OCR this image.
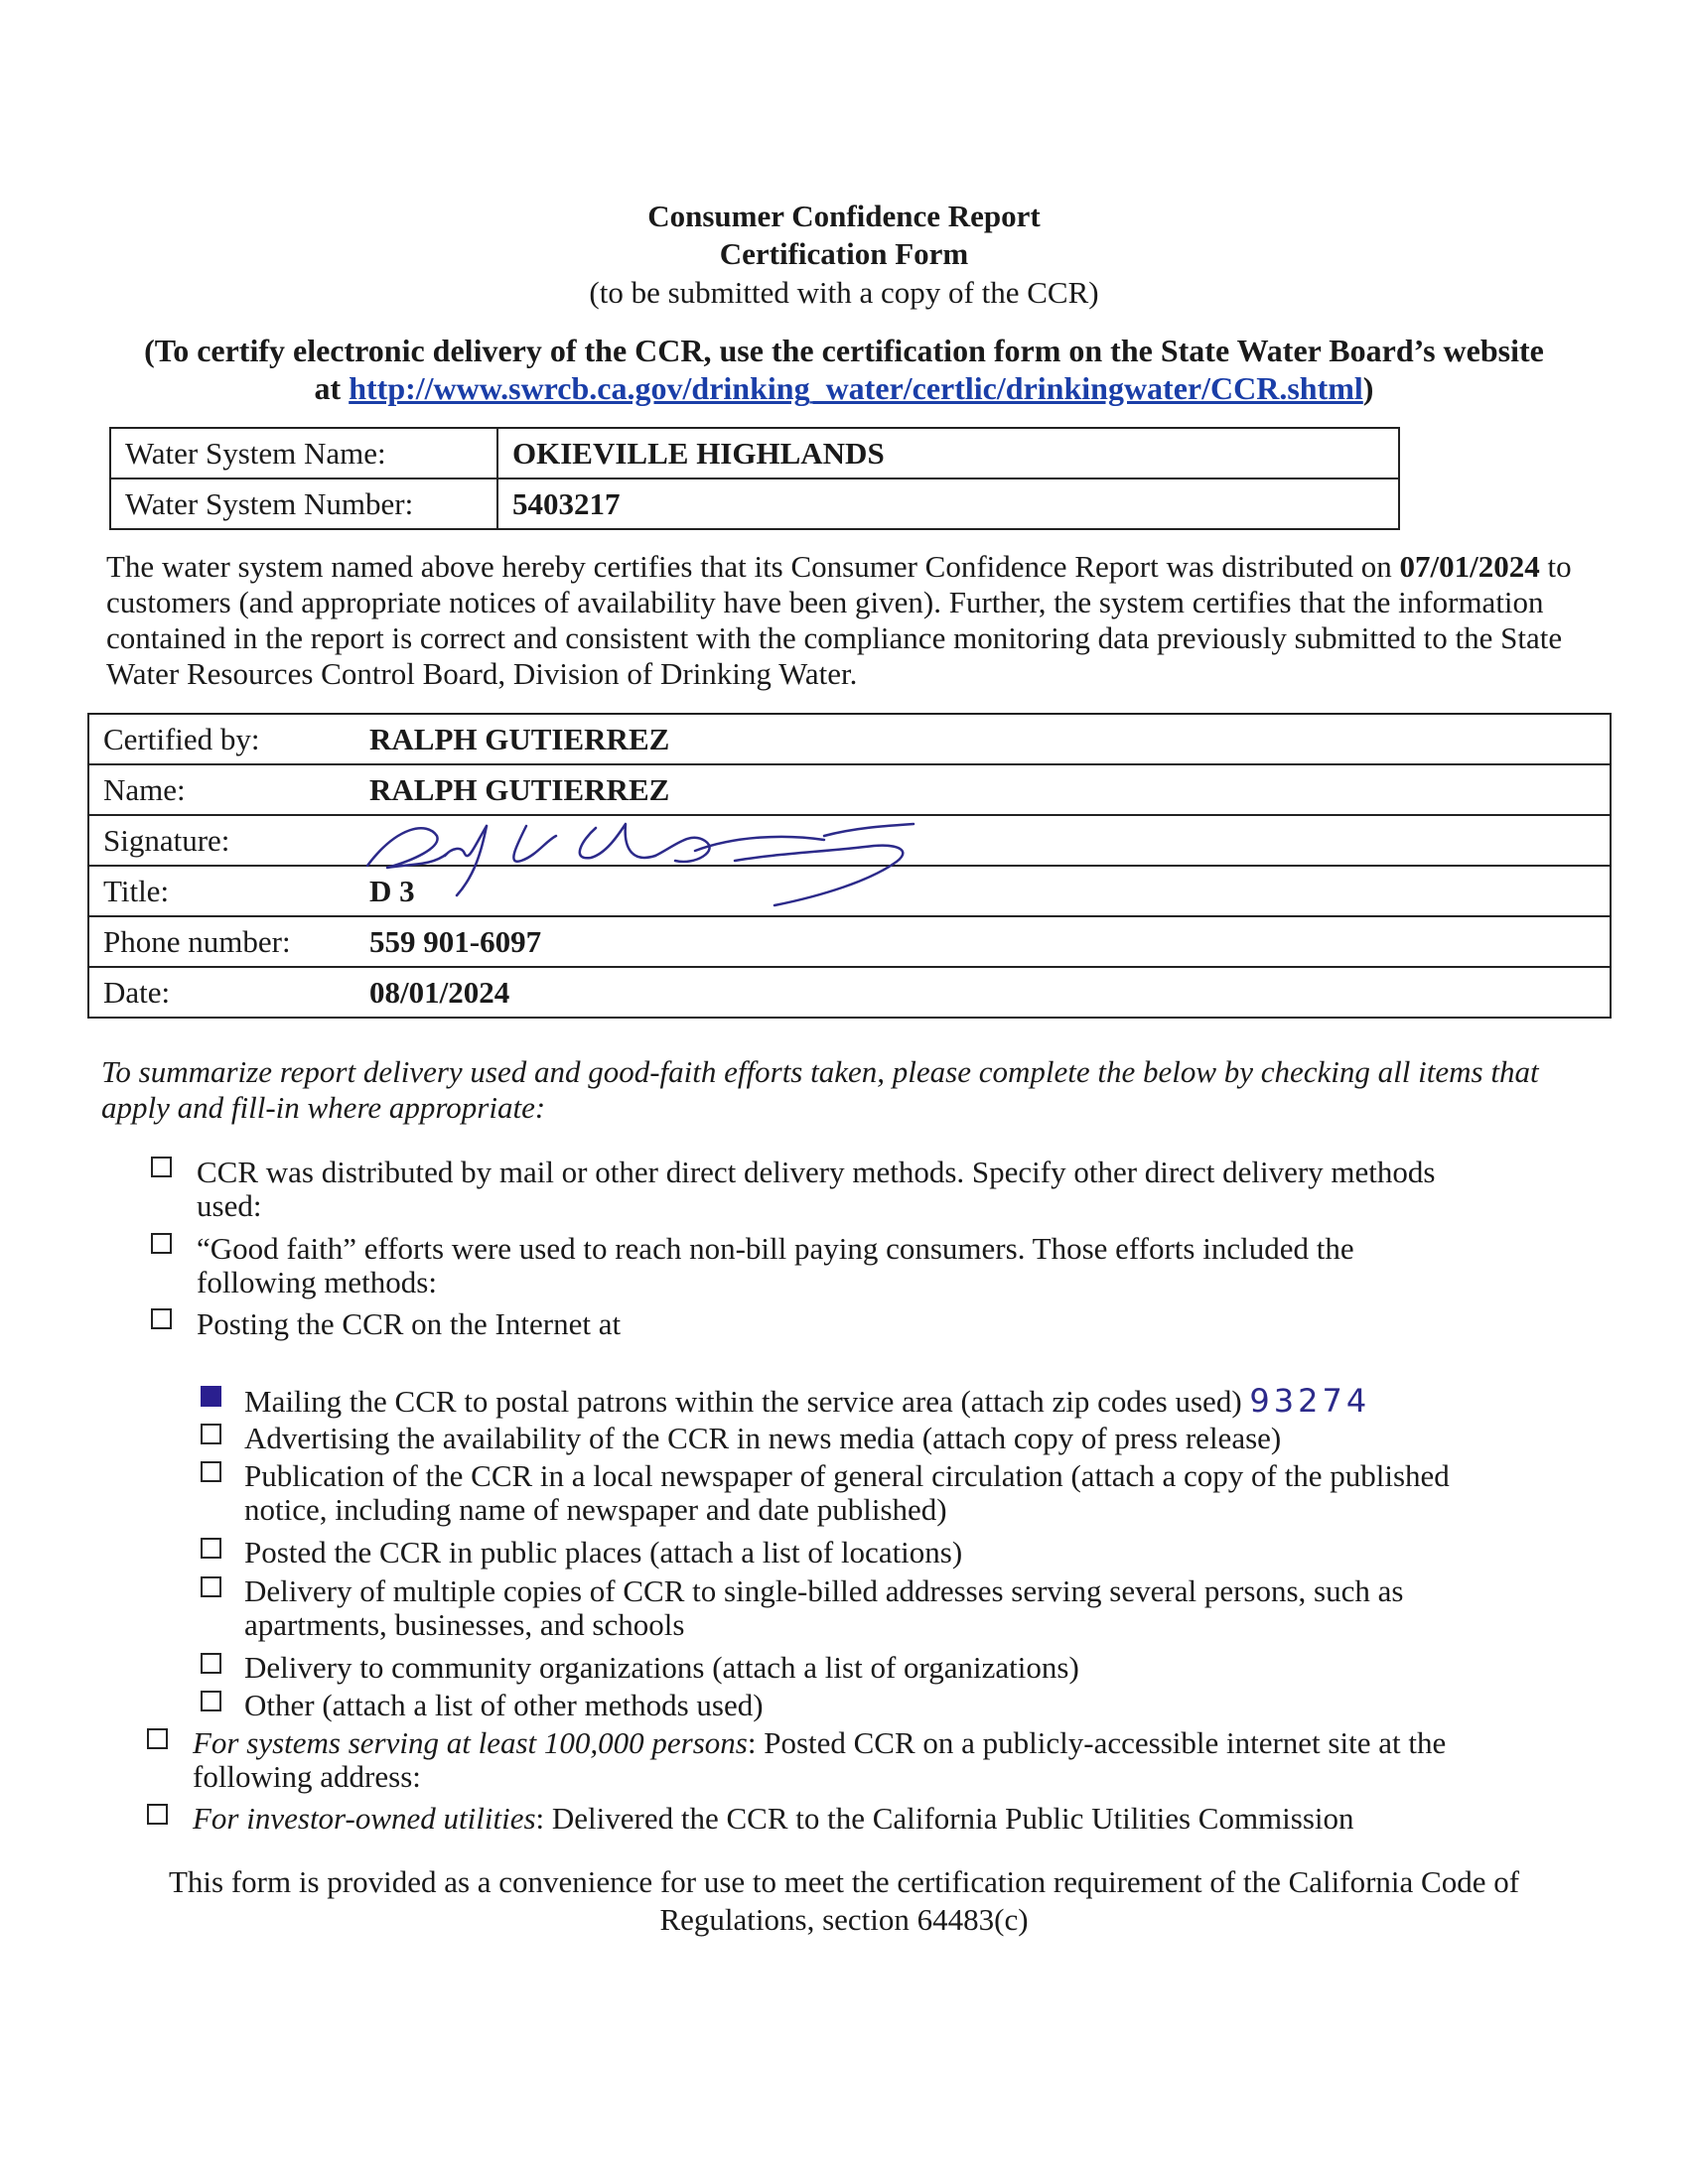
Consumer Confidence Report
Certification Form
(to be submitted with a copy of the CCR)
(To certify electronic delivery of the CCR, use the certification form on the State Water Board’s website
at http://www.swrcb.ca.gov/drinking_water/certlic/drinkingwater/CCR.shtml)
Water System Name:	OKIEVILLE HIGHLANDS
Water System Number:	5403217
The water system named above hereby certifies that its Consumer Confidence Report was distributed on 07/01/2024 to customers (and appropriate notices of availability have been given). Further, the system certifies that the information contained in the report is correct and consistent with the compliance monitoring data previously submitted to the State Water Resources Control Board, Division of Drinking Water.
Certified by:	RALPH GUTIERREZ
Name:	RALPH GUTIERREZ
Signature:	
Title:	D 3
Phone number:	559 901-6097
Date:	08/01/2024
To summarize report delivery used and good-faith efforts taken, please complete the below by checking all items that apply and fill-in where appropriate:
CCR was distributed by mail or other direct delivery methods. Specify other direct delivery methods
used:
“Good faith” efforts were used to reach non-bill paying consumers. Those efforts included the
following methods:
Posting the CCR on the Internet at
Mailing the CCR to postal patrons within the service area (attach zip codes used) 93274
Advertising the availability of the CCR in news media (attach copy of press release)
Publication of the CCR in a local newspaper of general circulation (attach a copy of the published
notice, including name of newspaper and date published)
Posted the CCR in public places (attach a list of locations)
Delivery of multiple copies of CCR to single-billed addresses serving several persons, such as
apartments, businesses, and schools
Delivery to community organizations (attach a list of organizations)
Other (attach a list of other methods used)
For systems serving at least 100,000 persons: Posted CCR on a publicly-accessible internet site at the
following address:
For investor-owned utilities: Delivered the CCR to the California Public Utilities Commission
This form is provided as a convenience for use to meet the certification requirement of the California Code of
Regulations, section 64483(c)
